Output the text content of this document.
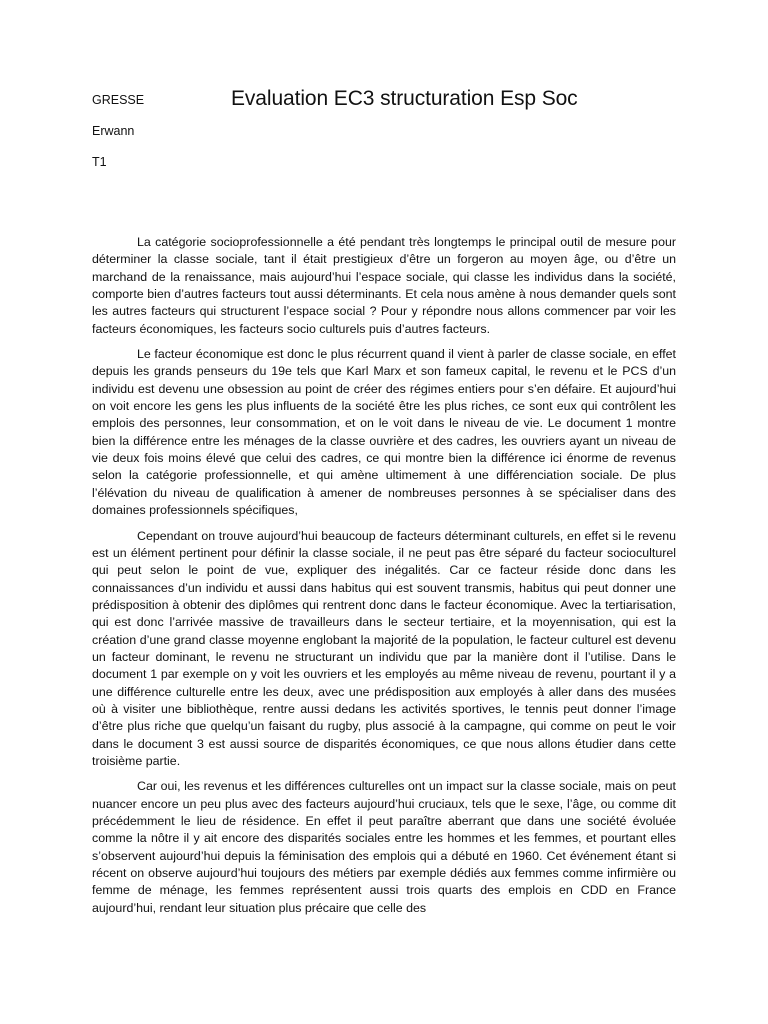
GRESSE
Erwann
T1
Evaluation EC3 structuration Esp Soc

La catégorie socioprofessionnelle a été pendant très longtemps le principal outil de mesure pour déterminer la classe sociale, tant il était prestigieux d’être un forgeron au moyen âge, ou d’être un marchand de la renaissance, mais aujourd’hui l’espace sociale, qui classe les individus dans la société, comporte bien d’autres facteurs tout aussi déterminants. Et cela nous amène à nous demander quels sont les autres facteurs qui structurent l’espace social ? Pour y répondre nous allons commencer par voir les facteurs économiques, les facteurs socio culturels puis d’autres facteurs.

Le facteur économique est donc le plus récurrent quand il vient à parler de classe sociale, en effet depuis les grands penseurs du 19e tels que Karl Marx et son fameux capital, le revenu et le PCS d’un individu est devenu une obsession au point de créer des régimes entiers pour s’en défaire. Et aujourd’hui on voit encore les gens les plus influents de la société être les plus riches, ce sont eux qui contrôlent les emplois des personnes, leur consommation, et on le voit dans le niveau de vie. Le document 1 montre bien la différence entre les ménages de la classe ouvrière et des cadres, les ouvriers ayant un niveau de vie deux fois moins élevé que celui des cadres, ce qui montre bien la différence ici énorme de revenus selon la catégorie professionnelle, et qui amène ultimement à une différenciation sociale. De plus l’élévation du niveau de qualification à amener de nombreuses personnes à se spécialiser dans des domaines professionnels spécifiques,

Cependant on trouve aujourd’hui beaucoup de facteurs déterminant culturels, en effet si le revenu est un élément pertinent pour définir la classe sociale, il ne peut pas être séparé du facteur socioculturel qui peut selon le point de vue, expliquer des inégalités. Car ce facteur réside donc dans les connaissances d’un individu et aussi dans habitus qui est souvent transmis, habitus qui peut donner une prédisposition à obtenir des diplômes qui rentrent donc dans le facteur économique. Avec la tertiarisation, qui est donc l’arrivée massive de travailleurs dans le secteur tertiaire, et la moyennisation, qui est la création d’une grand classe moyenne englobant la majorité de la population, le facteur culturel est devenu un facteur dominant, le revenu ne structurant un individu que par la manière dont il l’utilise. Dans le document 1 par exemple on y voit les ouvriers et les employés au même niveau de revenu, pourtant il y a une différence culturelle entre les deux, avec une prédisposition aux employés à aller dans des musées où à visiter une bibliothèque, rentre aussi dedans les activités sportives, le tennis peut donner l’image d’être plus riche que quelqu’un faisant du rugby, plus associé à la campagne, qui comme on peut le voir dans le document 3 est aussi source de disparités économiques, ce que nous allons étudier dans cette troisième partie.

Car oui, les revenus et les différences culturelles ont un impact sur la classe sociale, mais on peut nuancer encore un peu plus avec des facteurs aujourd’hui cruciaux, tels que le sexe, l’âge, ou comme dit précédemment le lieu de résidence. En effet il peut paraître aberrant que dans une société évoluée comme la nôtre il y ait encore des disparités sociales entre les hommes et les femmes, et pourtant elles s’observent aujourd’hui depuis la féminisation des emplois qui a débuté en 1960. Cet événement étant si récent on observe aujourd’hui toujours des métiers par exemple dédiés aux femmes comme infirmière ou femme de ménage, les femmes représentent aussi trois quarts des emplois en CDD en France aujourd’hui, rendant leur situation plus précaire que celle des
